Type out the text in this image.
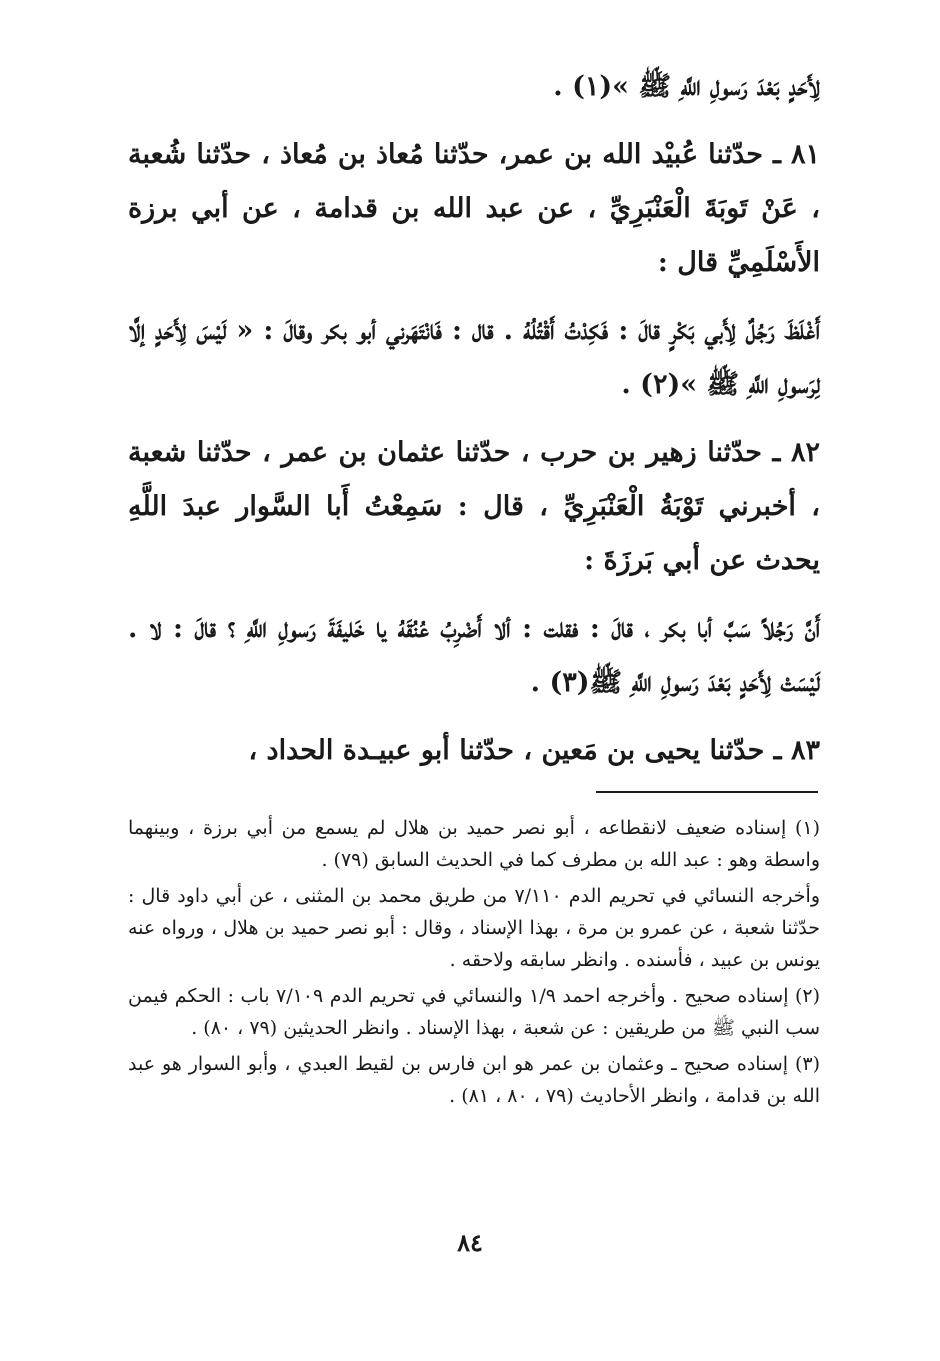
لِأَحَدٍ بَعْدَ رَسولِ اللَّهِ ﷺ »(١) .

٨١ ـ حدّثنا عُبيْد الله بن عمر، حدّثنا مُعاذ بن مُعاذ ، حدّثنا شُعبة ، عَنْ تَوبَةَ الْعَنْبَرِيِّ ، عن عبد الله بن قدامة ، عن أبي برزة الأَسْلَمِيِّ قال :

أَغْلَظَ رَجُلٌ لِأَبي بَكْرٍ قالَ : فَكِدْتُ أَقْتُلُهُ . قال : فَانْتَهَرني أبو بكر وقالَ : « لَيْسَ لِأَحَدٍ إلَّا لِرَسولِ اللَّهِ ﷺ »(٢) .

٨٢ ـ حدّثنا زهير بن حرب ، حدّثنا عثمان بن عمر ، حدّثنا شعبة ، أخبرني تَوْبَةُ الْعَنْبَرِيِّ ، قال : سَمِعْتُ أَبا السَّوار عبدَ اللَّهِ يحدث عن أبي بَرزَةَ :

أَنَّ رَجُلاً سَبَّ أبا بكر ، قالَ : فقلت : ألا أَضْرِبُ عُنُقَهُ يا خَليفَةَ رَسولِ اللَّهِ ؟ قالَ : لا . لَيْسَتْ لِأَحَدٍ بَعْدَ رَسولِ اللَّهِ ﷺ(٣) .

٨٣ ـ حدّثنا يحيى بن مَعين ، حدّثنا أبو عبيـدة الحداد ،

(١) إسناده ضعيف لانقطاعه ، أبو نصر حميد بن هلال لم يسمع من أبي برزة ، وبينهما واسطة وهو : عبد الله بن مطرف كما في الحديث السابق (٧٩) .

وأخرجه النسائي في تحريم الدم ٧/١١٠ من طريق محمد بن المثنى ، عن أبي داود قال : حدّثنا شعبة ، عن عمرو بن مرة ، بهذا الإسناد ، وقال : أبو نصر حميد بن هلال ، ورواه عنه يونس بن عبيد ، فأسنده . وانظر سابقه ولاحقه .

(٢) إسناده صحيح . وأخرجه احمد ١/٩ والنسائي في تحريم الدم ٧/١٠٩ باب : الحكم فيمن سب النبي ﷺ من طريقين : عن شعبة ، بهذا الإسناد . وانظر الحديثين (٧٩ ، ٨٠) .

(٣) إسناده صحيح ـ وعثمان بن عمر هو ابن فارس بن لقيط العبدي ، وأبو السوار هو عبد الله بن قدامة ، وانظر الأحاديث (٧٩ ، ٨٠ ، ٨١) .

٨٤
